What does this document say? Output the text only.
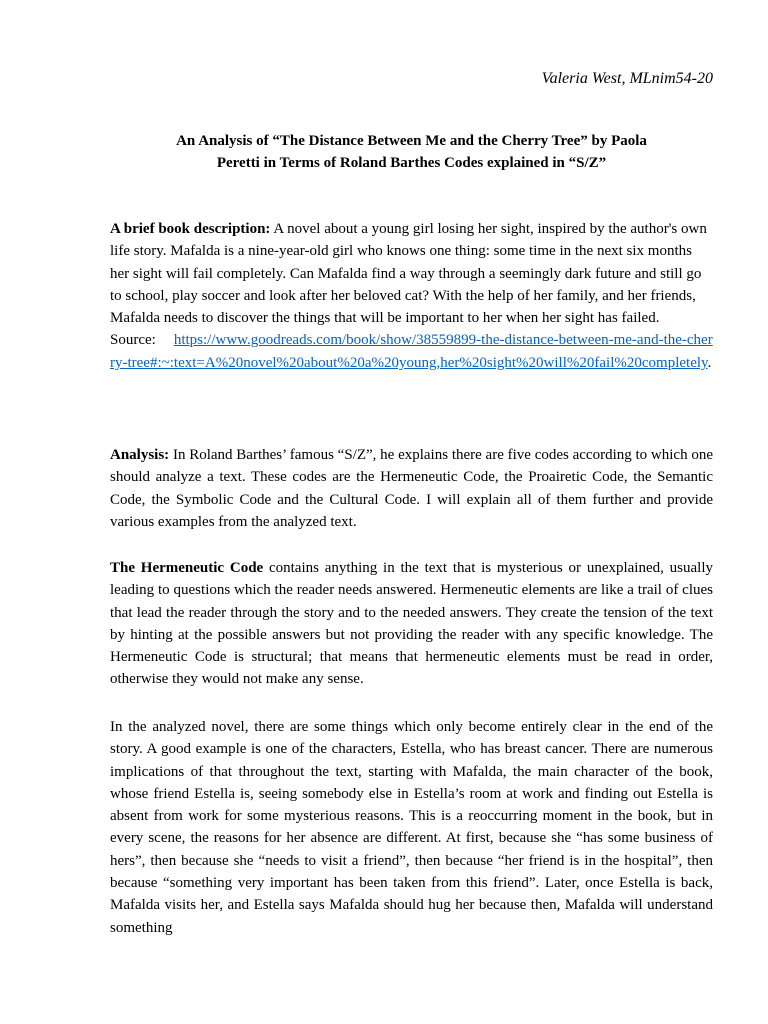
Valeria West, MLnim54-20
An Analysis of “The Distance Between Me and the Cherry Tree” by Paola
Peretti in Terms of Roland Barthes Codes explained in “S/Z”

A brief book description: A novel about a young girl losing her sight, inspired by the author's own life story. Mafalda is a nine-year-old girl who knows one thing: some time in the next six months her sight will fail completely. Can Mafalda find a way through a seemingly dark future and still go to school, play soccer and look after her beloved cat? With the help of her family, and her friends, Mafalda needs to discover the things that will be important to her when her sight has failed.
Source: https://www.goodreads.com/book/show/38559899-the-distance-between-me-and-the-cherry-tree#:~:text=A%20novel%20about%20a%20young,her%20sight%20will%20fail%20completely.

Analysis: In Roland Barthes’ famous “S/Z”, he explains there are five codes according to which one should analyze a text. These codes are the Hermeneutic Code, the Proairetic Code, the Semantic Code, the Symbolic Code and the Cultural Code. I will explain all of them further and provide various examples from the analyzed text.

The Hermeneutic Code contains anything in the text that is mysterious or unexplained, usually leading to questions which the reader needs answered. Hermeneutic elements are like a trail of clues that lead the reader through the story and to the needed answers. They create the tension of the text by hinting at the possible answers but not providing the reader with any specific knowledge. The Hermeneutic Code is structural; that means that hermeneutic elements must be read in order, otherwise they would not make any sense.

In the analyzed novel, there are some things which only become entirely clear in the end of the story. A good example is one of the characters, Estella, who has breast cancer. There are numerous implications of that throughout the text, starting with Mafalda, the main character of the book, whose friend Estella is, seeing somebody else in Estella’s room at work and finding out Estella is absent from work for some mysterious reasons. This is a reoccurring moment in the book, but in every scene, the reasons for her absence are different. At first, because she “has some business of hers”, then because she “needs to visit a friend”, then because “her friend is in the hospital”, then because “something very important has been taken from this friend”. Later, once Estella is back, Mafalda visits her, and Estella says Mafalda should hug her because then, Mafalda will understand something
